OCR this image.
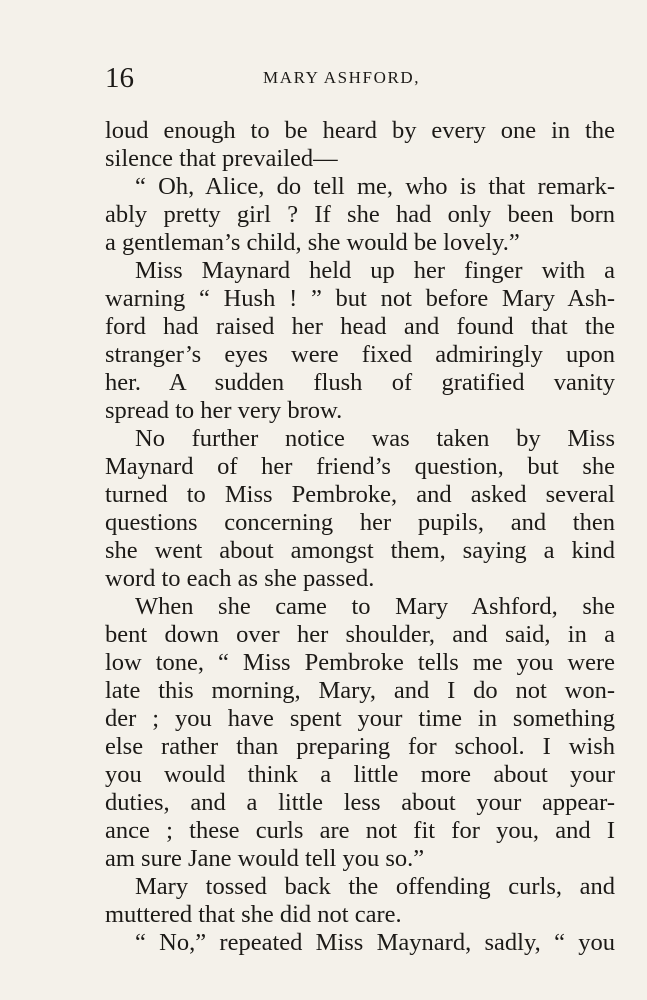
16	MARY ASHFORD,
loud enough to be heard by every one in the
silence that prevailed—
“ Oh, Alice, do tell me, who is that remark-
ably pretty girl ? If she had only been born
a gentleman’s child, she would be lovely.”
Miss Maynard held up her finger with a
warning “ Hush ! ” but not before Mary Ash-
ford had raised her head and found that the
stranger’s eyes were fixed admiringly upon
her. A sudden flush of gratified vanity
spread to her very brow.
No further notice was taken by Miss
Maynard of her friend’s question, but she
turned to Miss Pembroke, and asked several
questions concerning her pupils, and then
she went about amongst them, saying a kind
word to each as she passed.
When she came to Mary Ashford, she
bent down over her shoulder, and said, in a
low tone, “ Miss Pembroke tells me you were
late this morning, Mary, and I do not won-
der ; you have spent your time in something
else rather than preparing for school. I wish
you would think a little more about your
duties, and a little less about your appear-
ance ; these curls are not fit for you, and I
am sure Jane would tell you so.”
Mary tossed back the offending curls, and
muttered that she did not care.
“ No,” repeated Miss Maynard, sadly, “ you
